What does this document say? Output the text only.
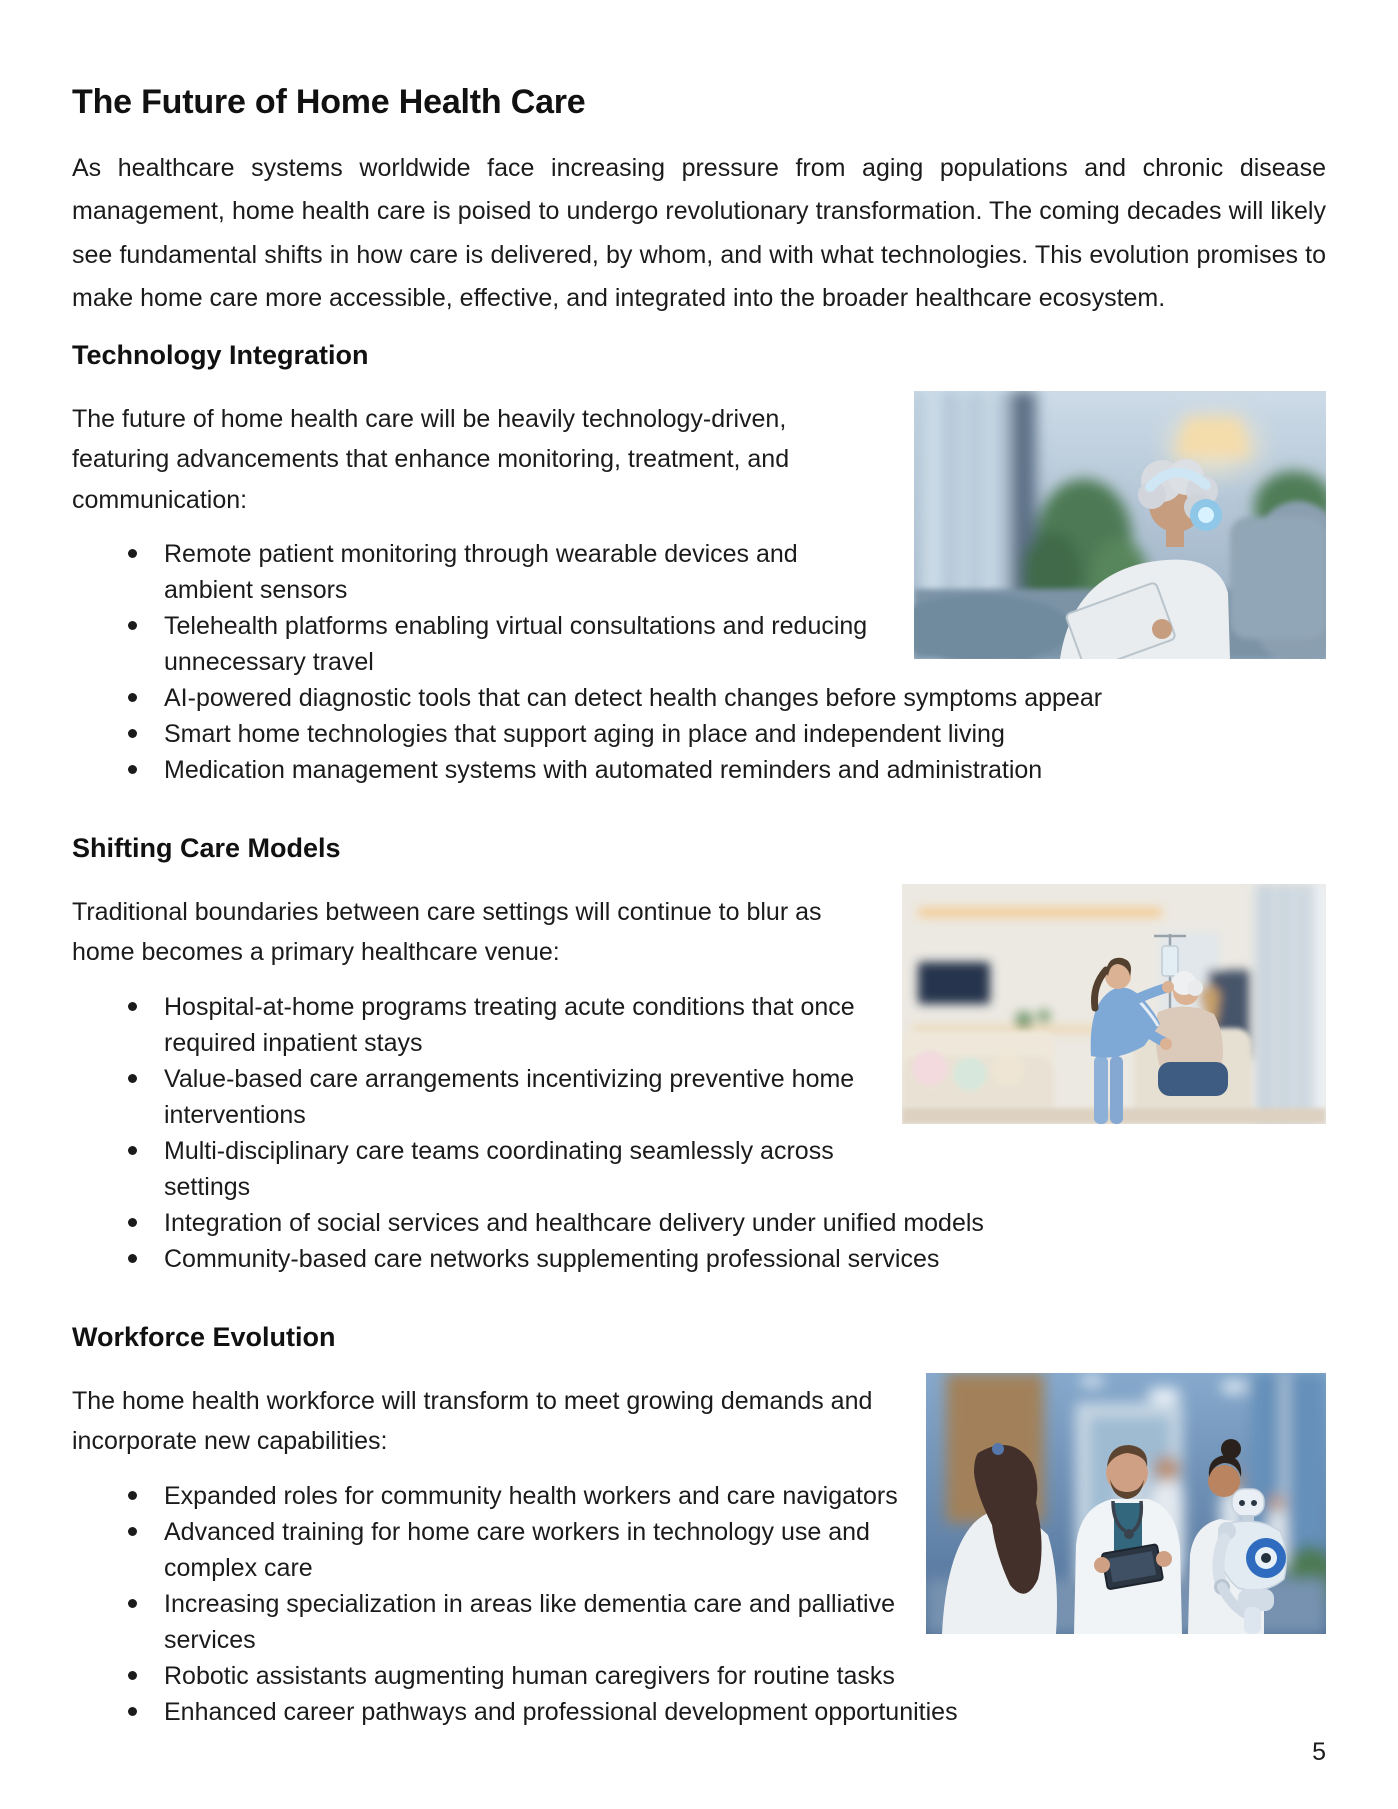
The Future of Home Health Care

As healthcare systems worldwide face increasing pressure from aging populations and chronic disease management, home health care is poised to undergo revolutionary transformation. The coming decades will likely see fundamental shifts in how care is delivered, by whom, and with what technologies. This evolution promises to make home care more accessible, effective, and integrated into the broader healthcare ecosystem.

Technology Integration

The future of home health care will be heavily technology-driven, featuring advancements that enhance monitoring, treatment, and communication:

Remote patient monitoring through wearable devices and ambient sensors
Telehealth platforms enabling virtual consultations and reducing unnecessary travel
AI-powered diagnostic tools that can detect health changes before symptoms appear
Smart home technologies that support aging in place and independent living
Medication management systems with automated reminders and administration
Shifting Care Models

Traditional boundaries between care settings will continue to blur as home becomes a primary healthcare venue:

Hospital-at-home programs treating acute conditions that once required inpatient stays
Value-based care arrangements incentivizing preventive home interventions
Multi-disciplinary care teams coordinating seamlessly across settings
Integration of social services and healthcare delivery under unified models
Community-based care networks supplementing professional services
Workforce Evolution

The home health workforce will transform to meet growing demands and incorporate new capabilities:

Expanded roles for community health workers and care navigators
Advanced training for home care workers in technology use and complex care
Increasing specialization in areas like dementia care and palliative services
Robotic assistants augmenting human caregivers for routine tasks
Enhanced career pathways and professional development opportunities
5
